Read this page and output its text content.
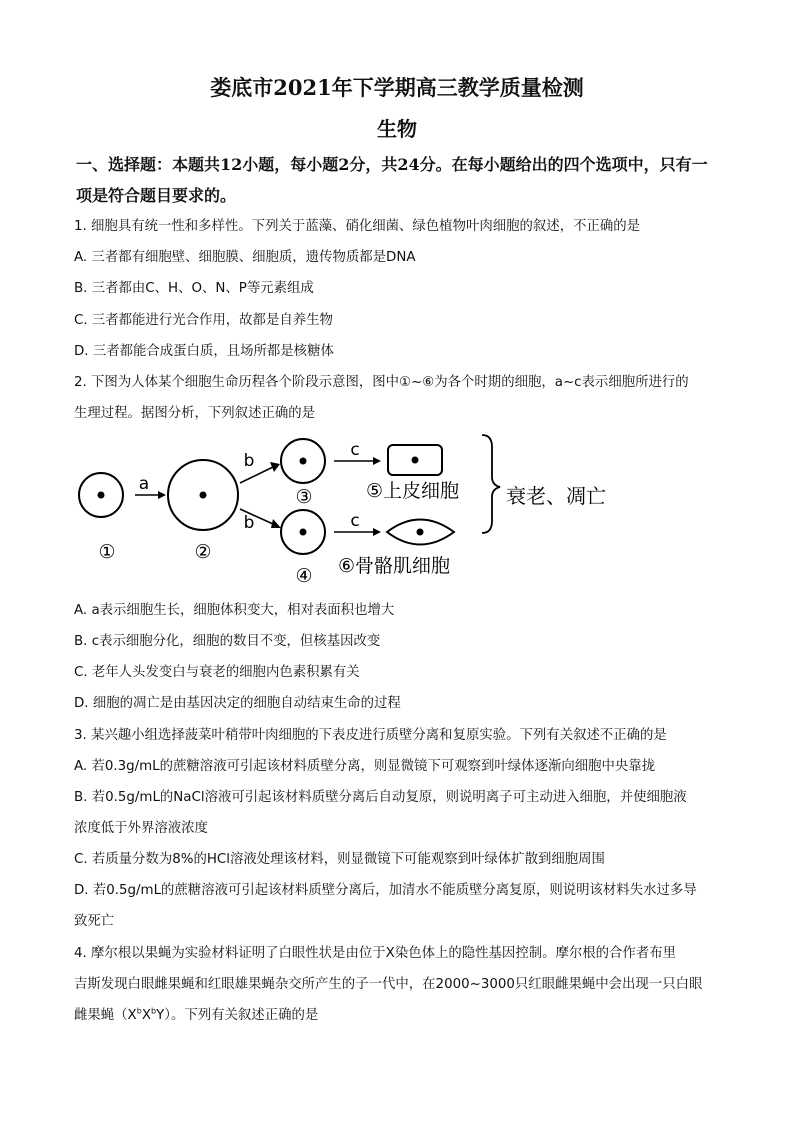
娄底市2021年下学期高三教学质量检测
生物
一、选择题：本题共12小题，每小题2分，共24分。在每小题给出的四个选项中，只有一
项是符合题目要求的。
1. 细胞具有统一性和多样性。下列关于蓝藻、硝化细菌、绿色植物叶肉细胞的叙述，不正确的是
A. 三者都有细胞壁、细胞膜、细胞质，遗传物质都是DNA
B. 三者都由C、H、O、N、P等元素组成
C. 三者都能进行光合作用，故都是自养生物
D. 三者都能合成蛋白质，且场所都是核糖体
2. 下图为人体某个细胞生命历程各个阶段示意图，图中①~⑥为各个时期的细胞，a~c表示细胞所进行的
生理过程。据图分析，下列叙述正确的是
①
a
②
b
b
③
④
c
c
⑤上皮细胞
⑥骨骼肌细胞
衰老、凋亡
A. a表示细胞生长，细胞体积变大，相对表面积也增大
B. c表示细胞分化，细胞的数目不变，但核基因改变
C. 老年人头发变白与衰老的细胞内色素积累有关
D. 细胞的凋亡是由基因决定的细胞自动结束生命的过程
3. 某兴趣小组选择菠菜叶稍带叶肉细胞的下表皮进行质壁分离和复原实验。下列有关叙述不正确的是
A. 若0.3g/mL的蔗糖溶液可引起该材料质壁分离，则显微镜下可观察到叶绿体逐渐向细胞中央靠拢
B. 若0.5g/mL的NaCl溶液可引起该材料质壁分离后自动复原，则说明离子可主动进入细胞，并使细胞液
浓度低于外界溶液浓度
C. 若质量分数为8%的HCl溶液处理该材料，则显微镜下可能观察到叶绿体扩散到细胞周围
D. 若0.5g/mL的蔗糖溶液可引起该材料质壁分离后，加清水不能质壁分离复原，则说明该材料失水过多导
致死亡
4. 摩尔根以果蝇为实验材料证明了白眼性状是由位于X染色体上的隐性基因控制。摩尔根的合作者布里
吉斯发现白眼雌果蝇和红眼雄果蝇杂交所产生的子一代中，在2000~3000只红眼雌果蝇中会出现一只白眼
雌果蝇$(X^bX^bY)$。下列有关叙述正确的是
